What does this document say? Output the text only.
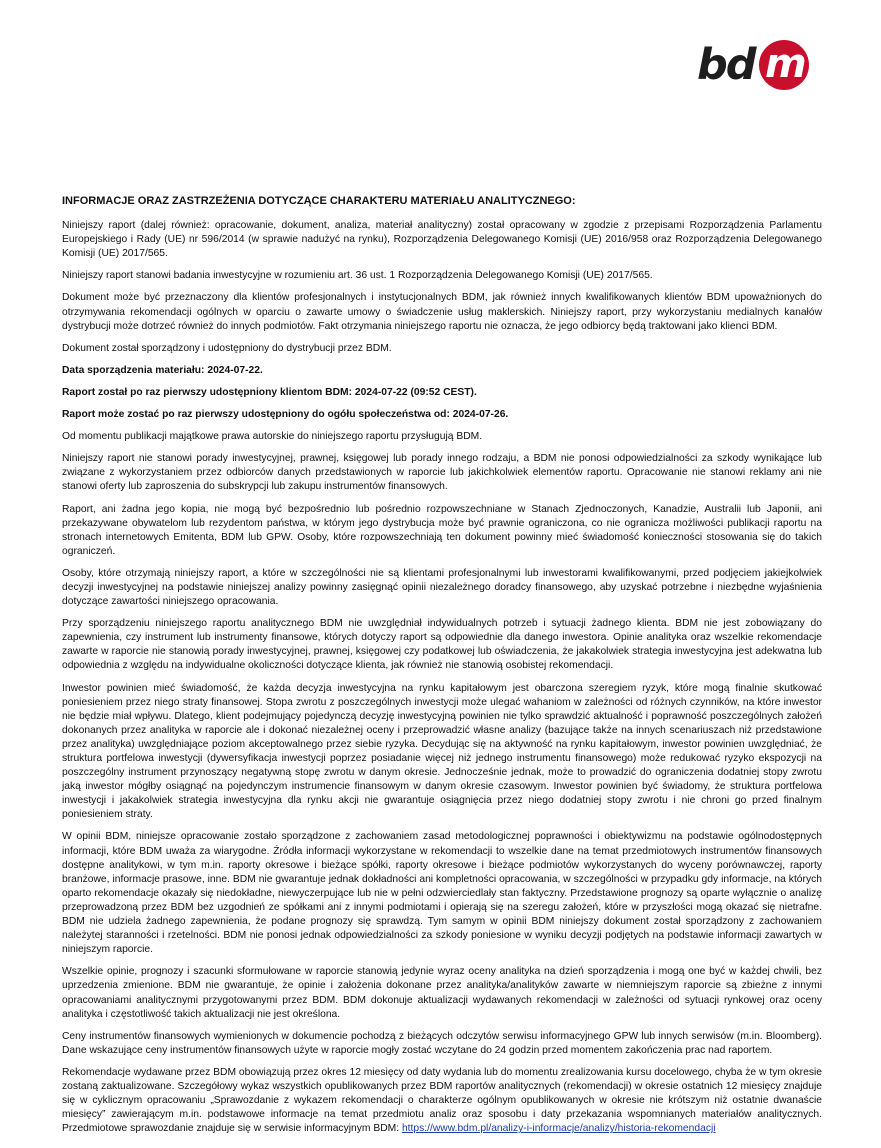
bd m
INFORMACJE ORAZ ZASTRZEŻENIA DOTYCZĄCE CHARAKTERU MATERIAŁU ANALITYCZNEGO:

Niniejszy raport (dalej również: opracowanie, dokument, analiza, materiał analityczny) został opracowany w zgodzie z przepisami Rozporządzenia Parlamentu Europejskiego i Rady (UE) nr 596/2014 (w sprawie nadużyć na rynku), Rozporządzenia Delegowanego Komisji (UE) 2016/958 oraz Rozporządzenia Delegowanego Komisji (UE) 2017/565.

Niniejszy raport stanowi badania inwestycyjne w rozumieniu art. 36 ust. 1 Rozporządzenia Delegowanego Komisji (UE) 2017/565.

Dokument może być przeznaczony dla klientów profesjonalnych i instytucjonalnych BDM, jak również innych kwalifikowanych klientów BDM upoważnionych do otrzymywania rekomendacji ogólnych w oparciu o zawarte umowy o świadczenie usług maklerskich. Niniejszy raport, przy wykorzystaniu medialnych kanałów dystrybucji może dotrzeć również do innych podmiotów. Fakt otrzymania niniejszego raportu nie oznacza, że jego odbiorcy będą traktowani jako klienci BDM.

Dokument został sporządzony i udostępniony do dystrybucji przez BDM.

Data sporządzenia materiału: 2024-07-22.

Raport został po raz pierwszy udostępniony klientom BDM: 2024-07-22 (09:52 CEST).

Raport może zostać po raz pierwszy udostępniony do ogółu społeczeństwa od: 2024-07-26.

Od momentu publikacji majątkowe prawa autorskie do niniejszego raportu przysługują BDM.

Niniejszy raport nie stanowi porady inwestycyjnej, prawnej, księgowej lub porady innego rodzaju, a BDM nie ponosi odpowiedzialności za szkody wynikające lub związane z wykorzystaniem przez odbiorców danych przedstawionych w raporcie lub jakichkolwiek elementów raportu. Opracowanie nie stanowi reklamy ani nie stanowi oferty lub zaproszenia do subskrypcji lub zakupu instrumentów finansowych.

Raport, ani żadna jego kopia, nie mogą być bezpośrednio lub pośrednio rozpowszechniane w Stanach Zjednoczonych, Kanadzie, Australii lub Japonii, ani przekazywane obywatelom lub rezydentom państwa, w którym jego dystrybucja może być prawnie ograniczona, co nie ogranicza możliwości publikacji raportu na stronach internetowych Emitenta, BDM lub GPW. Osoby, które rozpowszechniają ten dokument powinny mieć świadomość konieczności stosowania się do takich ograniczeń.

Osoby, które otrzymają niniejszy raport, a które w szczególności nie są klientami profesjonalnymi lub inwestorami kwalifikowanymi, przed podjęciem jakiejkolwiek decyzji inwestycyjnej na podstawie niniejszej analizy powinny zasięgnąć opinii niezależnego doradcy finansowego, aby uzyskać potrzebne i niezbędne wyjaśnienia dotyczące zawartości niniejszego opracowania.

Przy sporządzeniu niniejszego raportu analitycznego BDM nie uwzględniał indywidualnych potrzeb i sytuacji żadnego klienta. BDM nie jest zobowiązany do zapewnienia, czy instrument lub instrumenty finansowe, których dotyczy raport są odpowiednie dla danego inwestora. Opinie analityka oraz wszelkie rekomendacje zawarte w raporcie nie stanowią porady inwestycyjnej, prawnej, księgowej czy podatkowej lub oświadczenia, że jakakolwiek strategia inwestycyjna jest adekwatna lub odpowiednia z względu na indywidualne okoliczności dotyczące klienta, jak również nie stanowią osobistej rekomendacji.

Inwestor powinien mieć świadomość, że każda decyzja inwestycyjna na rynku kapitałowym jest obarczona szeregiem ryzyk, które mogą finalnie skutkować poniesieniem przez niego straty finansowej. Stopa zwrotu z poszczególnych inwestycji może ulegać wahaniom w zależności od różnych czynników, na które inwestor nie będzie miał wpływu. Dlatego, klient podejmujący pojedynczą decyzję inwestycyjną powinien nie tylko sprawdzić aktualność i poprawność poszczególnych założeń dokonanych przez analityka w raporcie ale i dokonać niezależnej oceny i przeprowadzić własne analizy (bazujące także na innych scenariuszach niż przedstawione przez analityka) uwzględniające poziom akceptowalnego przez siebie ryzyka. Decydując się na aktywność na rynku kapitałowym, inwestor powinien uwzględniać, że struktura portfelowa inwestycji (dywersyfikacja inwestycji poprzez posiadanie więcej niż jednego instrumentu finansowego) może redukować ryzyko ekspozycji na poszczególny instrument przynoszący negatywną stopę zwrotu w danym okresie. Jednocześnie jednak, może to prowadzić do ograniczenia dodatniej stopy zwrotu jaką inwestor mógłby osiągnąć na pojedynczym instrumencie finansowym w danym okresie czasowym. Inwestor powinien być świadomy, że struktura portfelowa inwestycji i jakakolwiek strategia inwestycyjna dla rynku akcji nie gwarantuje osiągnięcia przez niego dodatniej stopy zwrotu i nie chroni go przed finalnym poniesieniem straty.

W opinii BDM, niniejsze opracowanie zostało sporządzone z zachowaniem zasad metodologicznej poprawności i obiektywizmu na podstawie ogólnodostępnych informacji, które BDM uważa za wiarygodne. Źródła informacji wykorzystane w rekomendacji to wszelkie dane na temat przedmiotowych instrumentów finansowych dostępne analitykowi, w tym m.in. raporty okresowe i bieżące spółki, raporty okresowe i bieżące podmiotów wykorzystanych do wyceny porównawczej, raporty branżowe, informacje prasowe, inne. BDM nie gwarantuje jednak dokładności ani kompletności opracowania, w szczególności w przypadku gdy informacje, na których oparto rekomendacje okazały się niedokładne, niewyczerpujące lub nie w pełni odzwierciedlały stan faktyczny. Przedstawione prognozy są oparte wyłącznie o analizę przeprowadzoną przez BDM bez uzgodnień ze spółkami ani z innymi podmiotami i opierają się na szeregu założeń, które w przyszłości mogą okazać się nietrafne. BDM nie udziela żadnego zapewnienia, że podane prognozy się sprawdzą. Tym samym w opinii BDM niniejszy dokument został sporządzony z zachowaniem należytej staranności i rzetelności. BDM nie ponosi jednak odpowiedzialności za szkody poniesione w wyniku decyzji podjętych na podstawie informacji zawartych w niniejszym raporcie.

Wszelkie opinie, prognozy i szacunki sformułowane w raporcie stanowią jedynie wyraz oceny analityka na dzień sporządzenia i mogą one być w każdej chwili, bez uprzedzenia zmienione. BDM nie gwarantuje, że opinie i założenia dokonane przez analityka/analityków zawarte w niemniejszym raporcie są zbieżne z innymi opracowaniami analitycznymi przygotowanymi przez BDM. BDM dokonuje aktualizacji wydawanych rekomendacji w zależności od sytuacji rynkowej oraz oceny analityka i częstotliwość takich aktualizacji nie jest określona.

Ceny instrumentów finansowych wymienionych w dokumencie pochodzą z bieżących odczytów serwisu informacyjnego GPW lub innych serwisów (m.in. Bloomberg). Dane wskazujące ceny instrumentów finansowych użyte w raporcie mogły zostać wczytane do 24 godzin przed momentem zakończenia prac nad raportem.

Rekomendacje wydawane przez BDM obowiązują przez okres 12 miesięcy od daty wydania lub do momentu zrealizowania kursu docelowego, chyba że w tym okresie zostaną zaktualizowane. Szczegółowy wykaz wszystkich opublikowanych przez BDM raportów analitycznych (rekomendacji) w okresie ostatnich 12 miesięcy znajduje się w cyklicznym opracowaniu „Sprawozdanie z wykazem rekomendacji o charakterze ogólnym opublikowanych w okresie nie krótszym niż ostatnie dwanaście miesięcy” zawierającym m.in. podstawowe informacje na temat przedmiotu analiz oraz sposobu i daty przekazania wspomnianych materiałów analitycznych. Przedmiotowe sprawozdanie znajduje się w serwisie informacyjnym BDM: https://www.bdm.pl/analizy-i-informacje/analizy/historia-rekomendacji
